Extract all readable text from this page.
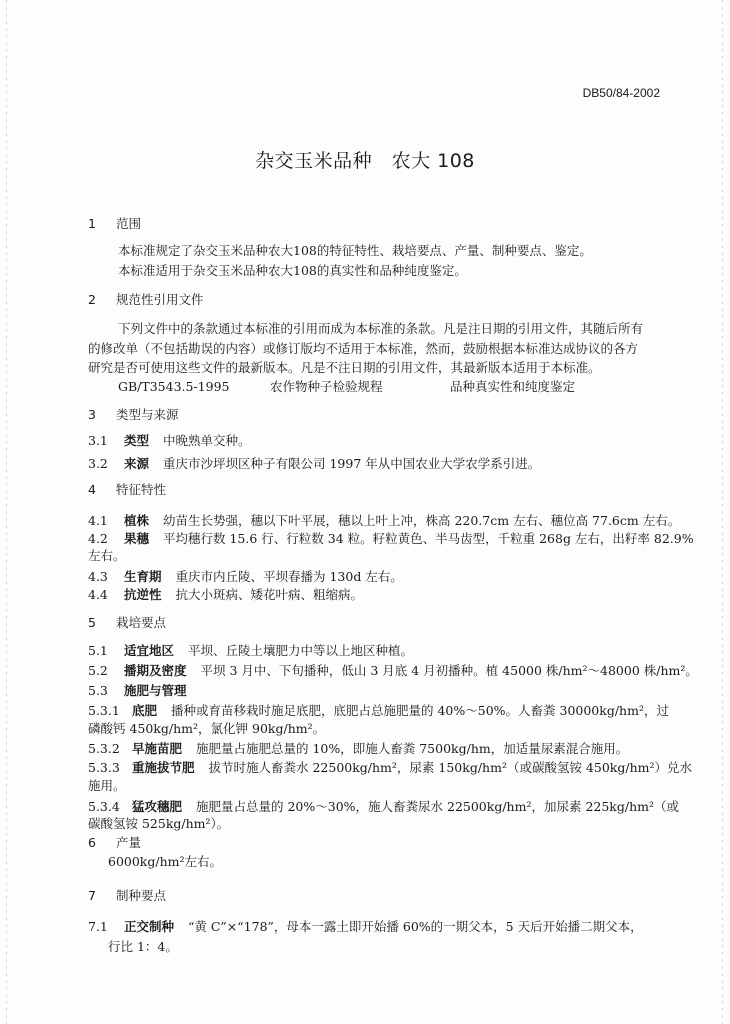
DB50/84-2002
杂交玉米品种　农大 108
1 范围
本标准规定了杂交玉米品种农大108的特征特性、栽培要点、产量、制种要点、鉴定。
本标准适用于杂交玉米品种农大108的真实性和品种纯度鉴定。
2 规范性引用文件
下列文件中的条款通过本标准的引用而成为本标准的条款。凡是注日期的引用文件，其随后所有
的修改单（不包括勘误的内容）或修订版均不适用于本标准，然而，鼓励根据本标准达成协议的各方
研究是否可使用这些文件的最新版本。凡是不注日期的引用文件，其最新版本适用于本标准。
GB/T3543.5-1995	农作物种子检验规程	品种真实性和纯度鉴定
3 类型与来源
3.1 类型 中晚熟单交种。
3.2 来源 重庆市沙坪坝区种子有限公司 1997 年从中国农业大学农学系引进。
4 特征特性
4.1 植株 幼苗生长势强，穗以下叶平展，穗以上叶上冲，株高 220.7cm 左右、穗位高 77.6cm 左右。
4.2 果穗 平均穗行数 15.6 行、行粒数 34 粒。籽粒黄色、半马齿型，千粒重 268g 左右，出籽率 82.9%
左右。
4.3 生育期 重庆市内丘陵、平坝春播为 130d 左右。
4.4 抗逆性 抗大小斑病、矮花叶病、粗缩病。
5 栽培要点
5.1 适宜地区 平坝、丘陵土壤肥力中等以上地区种植。
5.2 播期及密度 平坝 3 月中、下旬播种，低山 3 月底 4 月初播种。植 45000 株/hm²～48000 株/hm²。
5.3 施肥与管理
5.3.1 底肥 播种或育苗移栽时施足底肥，底肥占总施肥量的 40%～50%。人畜粪 30000kg/hm²，过
磷酸钙 450kg/hm²，氯化钾 90kg/hm²。
5.3.2 早施苗肥 施肥量占施肥总量的 10%，即施人畜粪 7500kg/hm，加适量尿素混合施用。
5.3.3 重施拔节肥 拔节时施人畜粪水 22500kg/hm²，尿素 150kg/hm²（或碳酸氢铵 450kg/hm²）兑水
施用。
5.3.4 猛攻穗肥 施肥量占总量的 20%～30%，施人畜粪尿水 22500kg/hm²，加尿素 225kg/hm²（或
碳酸氢铵 525kg/hm²）。
6 产量
6000kg/hm²左右。
7 制种要点
7.1 正交制种 “黄 C”×“178”，母本一露土即开始播 60%的一期父本，5 天后开始播二期父本，
行比 1：4。
